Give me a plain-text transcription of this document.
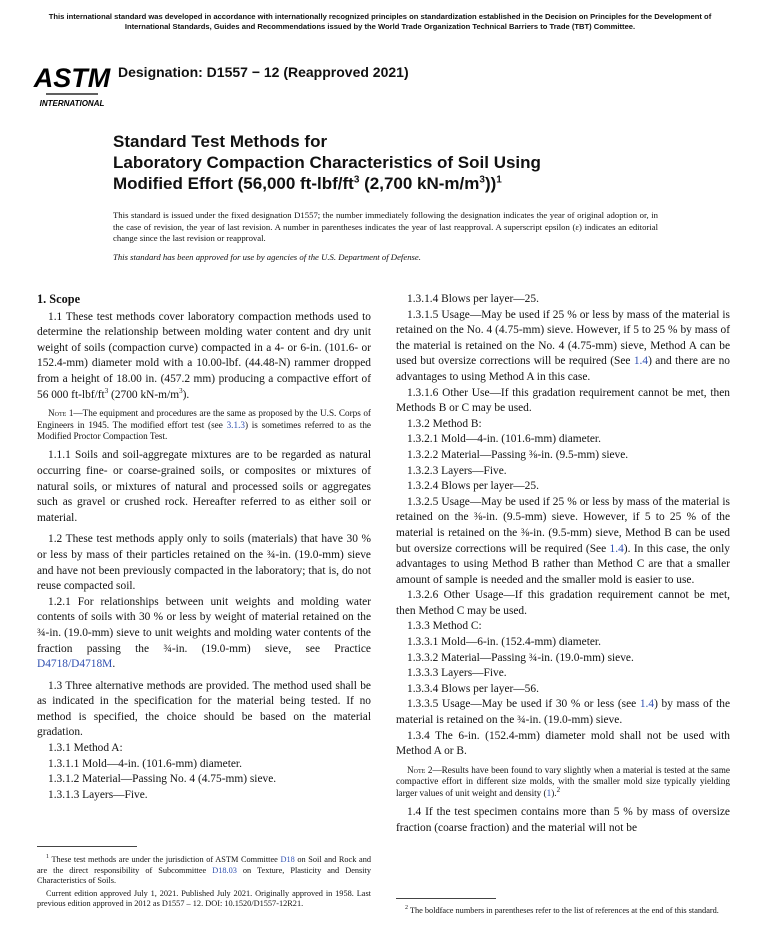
This international standard was developed in accordance with internationally recognized principles on standardization established in the Decision on Principles for the Development of International Standards, Guides and Recommendations issued by the World Trade Organization Technical Barriers to Trade (TBT) Committee.
ASTM
INTERNATIONAL
Designation: D1557 − 12 (Reapproved 2021)
Standard Test Methods for
Laboratory Compaction Characteristics of Soil Using
Modified Effort (56,000 $ft-lbf/ft^3$ (2,700 $kN-m/m^3))^1$

This standard is issued under the fixed designation D1557; the number immediately following the designation indicates the year of original adoption or, in the case of revision, the year of last revision. A number in parentheses indicates the year of last reapproval. A superscript epsilon (ε) indicates an editorial change since the last revision or reapproval.

This standard has been approved for use by agencies of the U.S. Department of Defense.

1. Scope

1.1 These test methods cover laboratory compaction methods used to determine the relationship between molding water content and dry unit weight of soils (compaction curve) compacted in a 4- or 6-in. (101.6- or 152.4-mm) diameter mold with a 10.00-lbf. (44.48-N) rammer dropped from a height of 18.00 in. (457.2 mm) producing a compactive effort of 56 000 $ft-lbf/ft^3$ (2700 $kN-m/m^3$).

Note 1—The equipment and procedures are the same as proposed by the U.S. Corps of Engineers in 1945. The modified effort test (see 3.1.3) is sometimes referred to as the Modified Proctor Compaction Test.

1.1.1 Soils and soil-aggregate mixtures are to be regarded as natural occurring fine- or coarse-grained soils, or composites or mixtures of natural soils, or mixtures of natural and processed soils or aggregates such as gravel or crushed rock. Hereafter referred to as either soil or material.

1.2 These test methods apply only to soils (materials) that have 30 % or less by mass of their particles retained on the ¾-in. (19.0-mm) sieve and have not been previously compacted in the laboratory; that is, do not reuse compacted soil.

1.2.1 For relationships between unit weights and molding water contents of soils with 30 % or less by weight of material retained on the ¾-in. (19.0-mm) sieve to unit weights and molding water contents of the fraction passing the ¾-in. (19.0-mm) sieve, see Practice D4718/D4718M.

1.3 Three alternative methods are provided. The method used shall be as indicated in the specification for the material being tested. If no method is specified, the choice should be based on the material gradation.

1.3.1 Method A:

1.3.1.1 Mold—4-in. (101.6-mm) diameter.

1.3.1.2 Material—Passing No. 4 (4.75-mm) sieve.

1.3.1.3 Layers—Five.

1.3.1.4 Blows per layer—25.

1.3.1.5 Usage—May be used if 25 % or less by mass of the material is retained on the No. 4 (4.75-mm) sieve. However, if 5 to 25 % by mass of the material is retained on the No. 4 (4.75-mm) sieve, Method A can be used but oversize corrections will be required (See 1.4) and there are no advantages to using Method A in this case.

1.3.1.6 Other Use—If this gradation requirement cannot be met, then Methods B or C may be used.

1.3.2 Method B:

1.3.2.1 Mold—4-in. (101.6-mm) diameter.

1.3.2.2 Material—Passing ⅜-in. (9.5-mm) sieve.

1.3.2.3 Layers—Five.

1.3.2.4 Blows per layer—25.

1.3.2.5 Usage—May be used if 25 % or less by mass of the material is retained on the ⅜-in. (9.5-mm) sieve. However, if 5 to 25 % of the material is retained on the ⅜-in. (9.5-mm) sieve, Method B can be used but oversize corrections will be required (See 1.4). In this case, the only advantages to using Method B rather than Method C are that a smaller amount of sample is needed and the smaller mold is easier to use.

1.3.2.6 Other Usage—If this gradation requirement cannot be met, then Method C may be used.

1.3.3 Method C:

1.3.3.1 Mold—6-in. (152.4-mm) diameter.

1.3.3.2 Material—Passing ¾-in. (19.0-mm) sieve.

1.3.3.3 Layers—Five.

1.3.3.4 Blows per layer—56.

1.3.3.5 Usage—May be used if 30 % or less (see 1.4) by mass of the material is retained on the ¾-in. (19.0-mm) sieve.

1.3.4 The 6-in. (152.4-mm) diameter mold shall not be used with Method A or B.

Note 2—Results have been found to vary slightly when a material is tested at the same compactive effort in different size molds, with the smaller mold size typically yielding larger values of unit weight and density (1).$^2$

1.4 If the test specimen contains more than 5 % by mass of oversize fraction (coarse fraction) and the material will not be

$^1$ These test methods are under the jurisdiction of ASTM Committee D18 on Soil and Rock and are the direct responsibility of Subcommittee D18.03 on Texture, Plasticity and Density Characteristics of Soils.

Current edition approved July 1, 2021. Published July 2021. Originally approved in 1958. Last previous edition approved in 2012 as D1557 – 12. DOI: 10.1520/D1557-12R21.	$^2$ The boldface numbers in parentheses refer to the list of references at the end of this standard.
